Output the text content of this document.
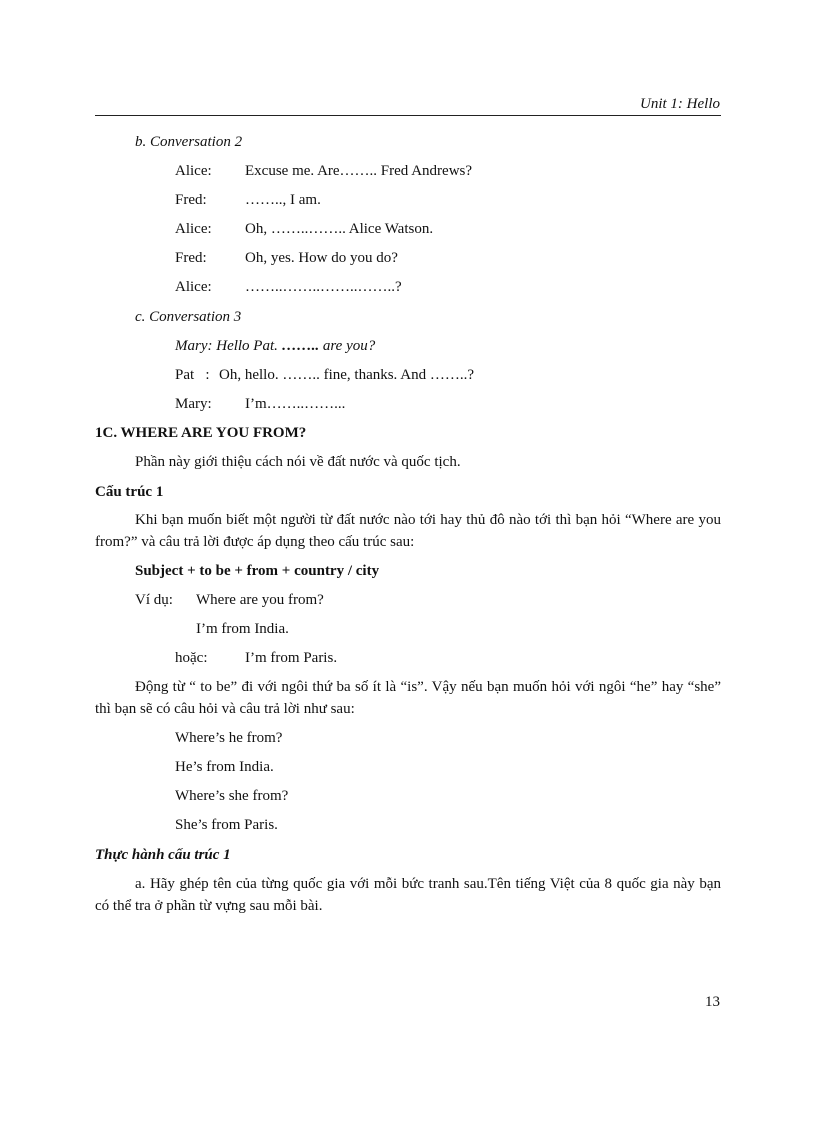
Unit 1: Hello
b. Conversation 2
Alice: Excuse me. Are…….. Fred Andrews?
Fred:	…….., I am.
Alice: Oh, ……..…….. Alice Watson.
Fred:	Oh, yes. How do you do?
Alice: ……..……..……..……..?
c. Conversation 3
Mary: Hello Pat. …….. are you?
Pat   : Oh, hello. …….. fine, thanks. And ……..?
Mary: I’m……..……...
1C. WHERE ARE YOU FROM?
Phần này giới thiệu cách nói về đất nước và quốc tịch.
Cấu trúc 1
Khi bạn muốn biết một người từ đất nước nào tới hay thủ đô nào tới thì bạn hỏi “Where are you from?” và câu trả lời được áp dụng theo cấu trúc sau:
Subject + to be + from + country / city
Ví dụ: Where are you from?
I’m from India.
hoặc:	I’m from Paris.
Động từ “ to be” đi với ngôi thứ ba số ít là “is”. Vậy nếu bạn muốn hỏi với ngôi “he” hay “she” thì bạn sẽ có câu hỏi và câu trả lời như sau:
Where’s he from?
He’s from India.
Where’s she from?
She’s from Paris.
Thực hành cấu trúc 1
a. Hãy ghép tên của từng quốc gia với mỗi bức tranh sau.Tên tiếng Việt của 8 quốc gia này bạn có thể tra ở phần từ vựng sau mỗi bài.
13
